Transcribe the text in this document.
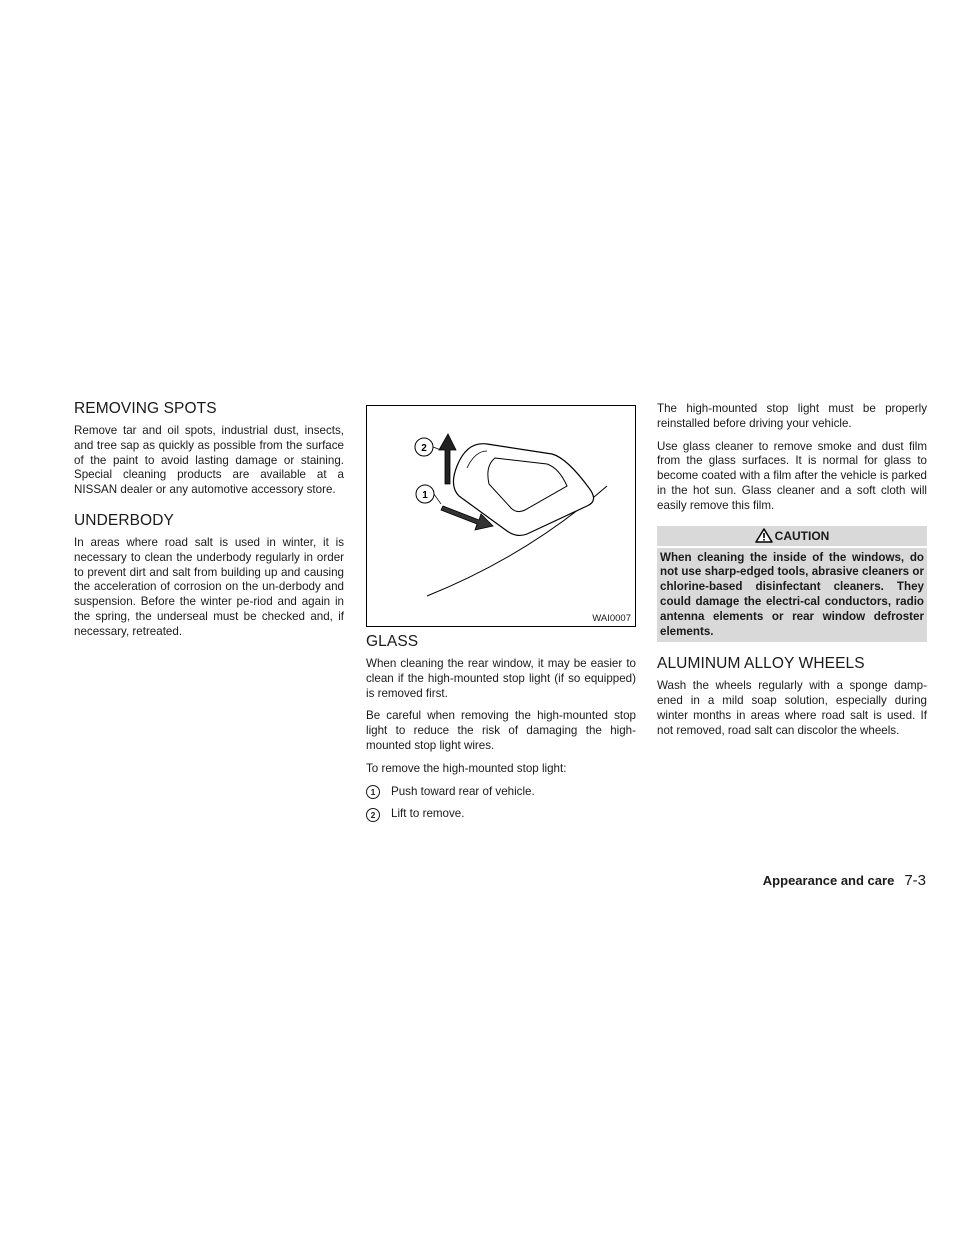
REMOVING SPOTS

Remove tar and oil spots, industrial dust, insects, and tree sap as quickly as possible from the surface of the paint to avoid lasting damage or staining. Special cleaning products are available at a NISSAN dealer or any automotive accessory store.

UNDERBODY

In areas where road salt is used in winter, it is necessary to clean the underbody regularly in order to prevent dirt and salt from building up and causing the acceleration of corrosion on the un-derbody and suspension. Before the winter pe-riod and again in the spring, the underseal must be checked and, if necessary, retreated.

2
1
WAI0007
GLASS

When cleaning the rear window, it may be easier to clean if the high-mounted stop light (if so equipped) is removed first.

Be careful when removing the high-mounted stop light to reduce the risk of damaging the high-mounted stop light wires.

To remove the high-mounted stop light:

1	Push toward rear of vehicle.
2	Lift to remove.

The high-mounted stop light must be properly reinstalled before driving your vehicle.

Use glass cleaner to remove smoke and dust film from the glass surfaces. It is normal for glass to become coated with a film after the vehicle is parked in the hot sun. Glass cleaner and a soft cloth will easily remove this film.

CAUTION
When cleaning the inside of the windows, do not use sharp-edged tools, abrasive cleaners or chlorine-based disinfectant cleaners. They could damage the electri-cal conductors, radio antenna elements or rear window defroster elements.
ALUMINUM ALLOY WHEELS

Wash the wheels regularly with a sponge damp-ened in a mild soap solution, especially during winter months in areas where road salt is used. If not removed, road salt can discolor the wheels.

Appearance and care 7-3
